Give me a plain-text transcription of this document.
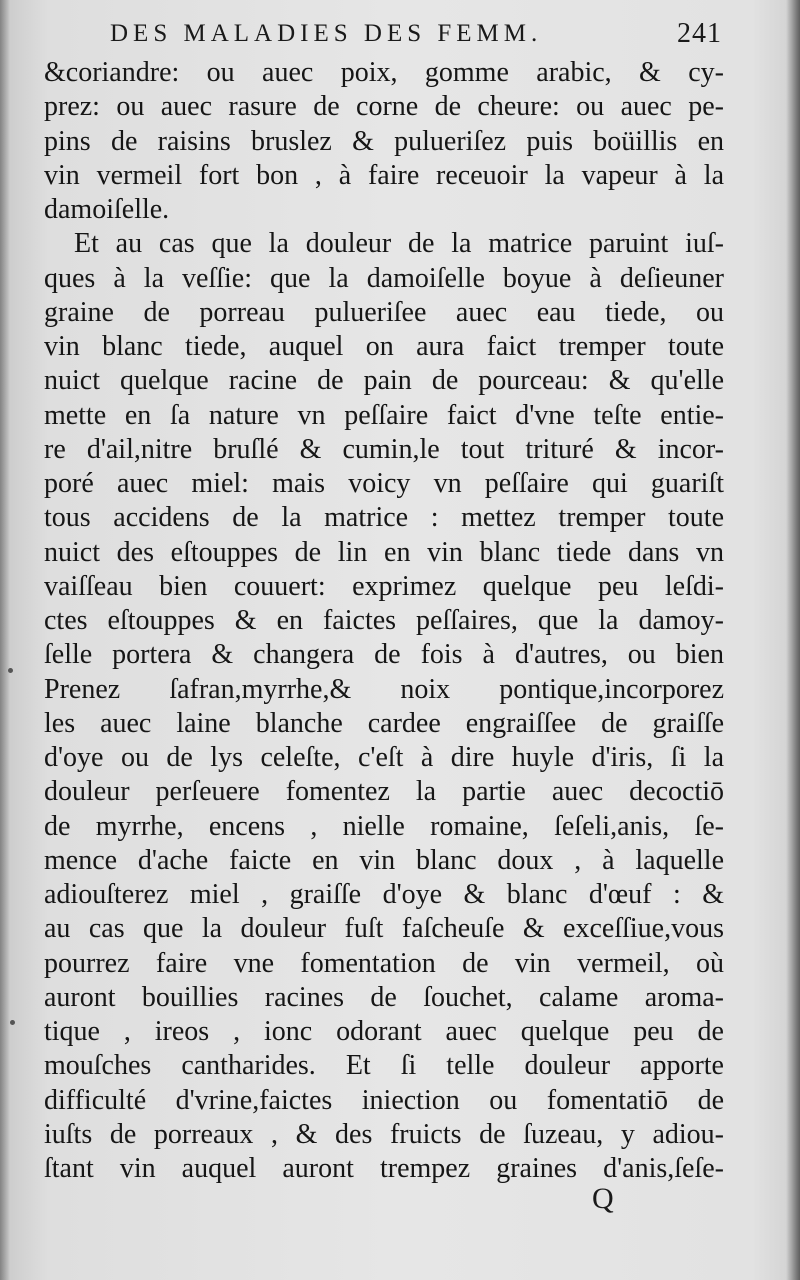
DES MALADIES DES FEMM.	241
&coriandre: ou auec poix, gomme arabic, & cy-
prez: ou auec rasure de corne de cheure: ou auec pe-
pins de raisins bruslez & pulueriſez puis boüillis en
vin vermeil fort bon , à faire receuoir la vapeur à la
damoiſelle.
Et au cas que la douleur de la matrice paruint iuſ-
ques à la veſſie: que la damoiſelle boyue à deſieuner
graine de porreau pulueriſee auec eau tiede, ou
vin blanc tiede, auquel on aura faict tremper toute
nuict quelque racine de pain de pourceau: & qu'elle
mette en ſa nature vn peſſaire faict d'vne teſte entie-
re d'ail,nitre bruſlé & cumin,le tout trituré & incor-
poré auec miel: mais voicy vn peſſaire qui guariſt
tous accidens de la matrice : mettez tremper toute
nuict des eſtouppes de lin en vin blanc tiede dans vn
vaiſſeau bien couuert: exprimez quelque peu leſdi-
ctes eſtouppes & en faictes peſſaires, que la damoy-
ſelle portera & changera de fois à d'autres, ou bien
Prenez ſafran,myrrhe,& noix pontique,incorporez
les auec laine blanche cardee engraiſſee de graiſſe
d'oye ou de lys celeſte, c'eſt à dire huyle d'iris, ſi la
douleur perſeuere fomentez la partie auec decoctiō
de myrrhe, encens , nielle romaine, ſeſeli,anis, ſe-
mence d'ache faicte en vin blanc doux , à laquelle
adiouſterez miel , graiſſe d'oye & blanc d'œuf : &
au cas que la douleur fuſt faſcheuſe & exceſſiue,vous
pourrez faire vne fomentation de vin vermeil, où
auront bouillies racines de ſouchet, calame aroma-
tique , ireos , ionc odorant auec quelque peu de
mouſches cantharides. Et ſi telle douleur apporte
difficulté d'vrine,faictes iniection ou fomentatiō de
iuſts de porreaux , & des fruicts de ſuzeau, y adiou-
ſtant vin auquel auront trempez graines d'anis,ſeſe-
Q
